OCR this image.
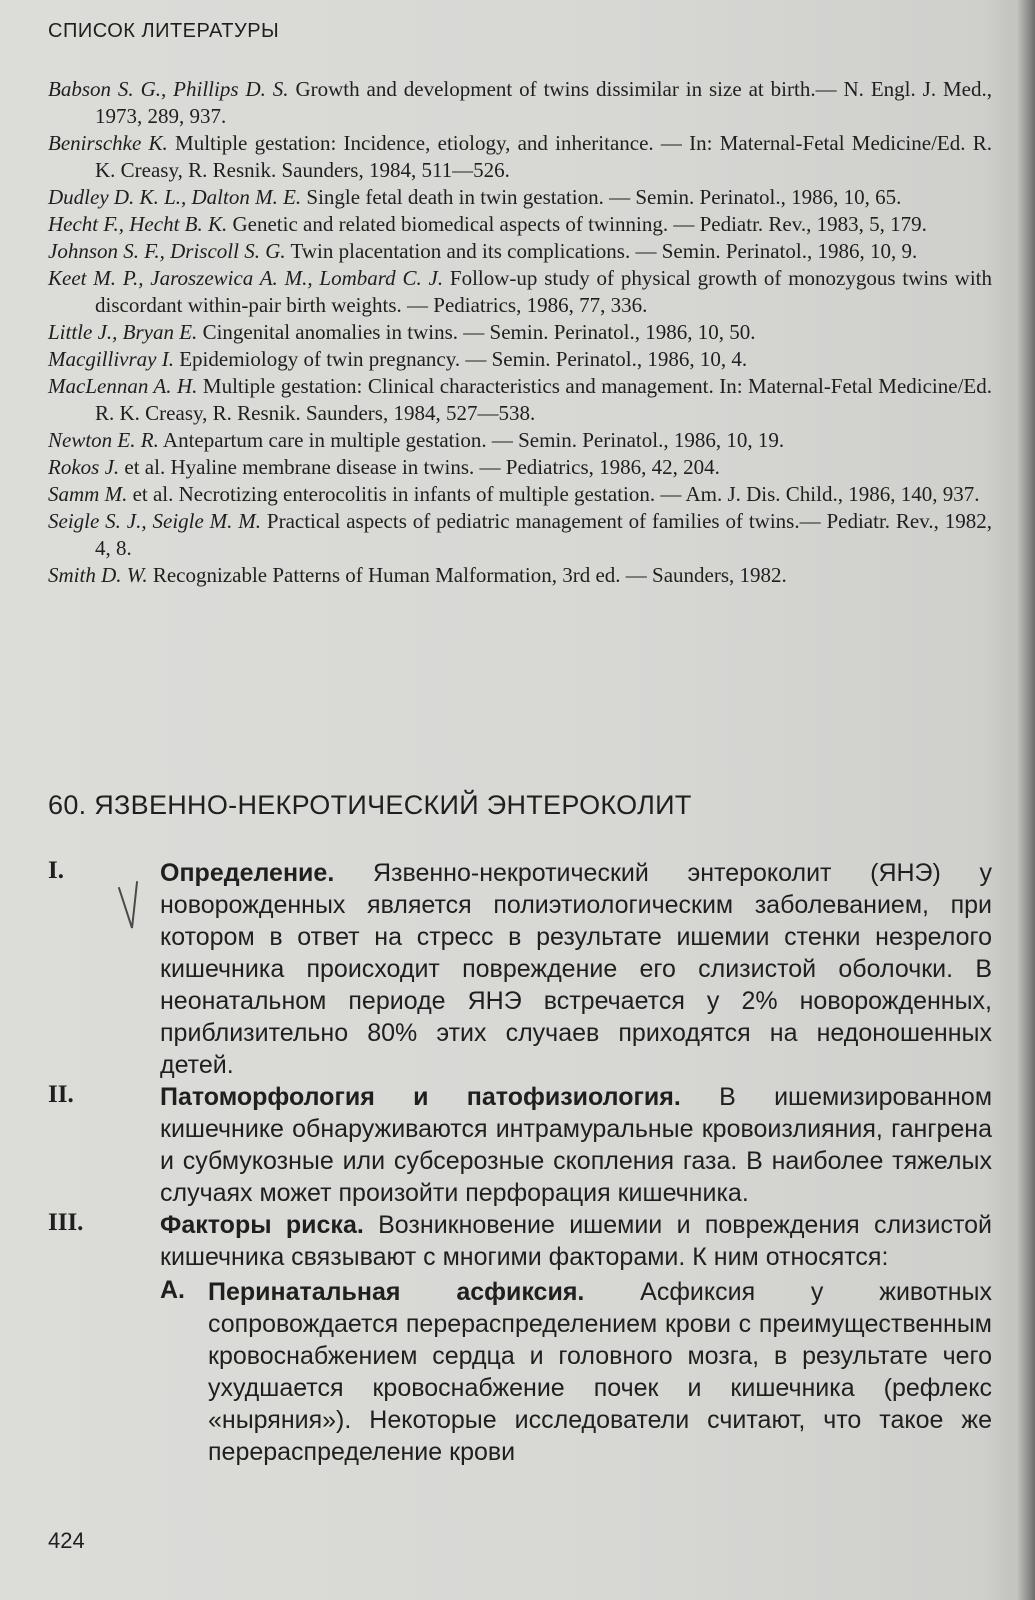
СПИСОК ЛИТЕРАТУРЫ
Babson S. G., Phillips D. S. Growth and development of twins dissimilar in size at birth.— N. Engl. J. Med., 1973, 289, 937.
Benirschke K. Multiple gestation: Incidence, etiology, and inheritance. — In: Maternal-Fetal Medicine/Ed. R. K. Creasy, R. Resnik. Saunders, 1984, 511—526.
Dudley D. K. L., Dalton M. E. Single fetal death in twin gestation. — Semin. Perinatol., 1986, 10, 65.
Hecht F., Hecht B. K. Genetic and related biomedical aspects of twinning. — Pediatr. Rev., 1983, 5, 179.
Johnson S. F., Driscoll S. G. Twin placentation and its complications. — Semin. Perinatol., 1986, 10, 9.
Keet M. P., Jaroszewica A. M., Lombard C. J. Follow-up study of physical growth of monozygous twins with discordant within-pair birth weights. — Pediatrics, 1986, 77, 336.
Little J., Bryan E. Cingenital anomalies in twins. — Semin. Perinatol., 1986, 10, 50.
Macgillivray I. Epidemiology of twin pregnancy. — Semin. Perinatol., 1986, 10, 4.
MacLennan A. H. Multiple gestation: Clinical characteristics and management. In: Maternal-Fetal Medicine/Ed. R. K. Creasy, R. Resnik. Saunders, 1984, 527—538.
Newton E. R. Antepartum care in multiple gestation. — Semin. Perinatol., 1986, 10, 19.
Rokos J. et al. Hyaline membrane disease in twins. — Pediatrics, 1986, 42, 204.
Samm M. et al. Necrotizing enterocolitis in infants of multiple gestation. — Am. J. Dis. Child., 1986, 140, 937.
Seigle S. J., Seigle M. M. Practical aspects of pediatric management of families of twins.— Pediatr. Rev., 1982, 4, 8.
Smith D. W. Recognizable Patterns of Human Malformation, 3rd ed. — Saunders, 1982.
60. ЯЗВЕННО-НЕКРОТИЧЕСКИЙ ЭНТЕРОКОЛИТ
I.	Определение. Язвенно-некротический энтероколит (ЯНЭ) у новорожденных является полиэтиологическим заболеванием, при котором в ответ на стресс в результате ишемии стенки незрелого кишечника происходит повреждение его слизистой оболочки. В неонатальном периоде ЯНЭ встречается у 2% новорожденных, приблизительно 80% этих случаев приходятся на недоношенных детей.
II.	Патоморфология и патофизиология. В ишемизированном кишечнике обнаруживаются интрамуральные кровоизлияния, гангрена и субмукозные или субсерозные скопления газа. В наиболее тяжелых случаях может произойти перфорация кишечника.
III.	Факторы риска. Возникновение ишемии и повреждения слизистой кишечника связывают с многими факторами. К ним относятся:
А. Перинатальная асфиксия. Асфиксия у животных сопровождается перераспределением крови с преимущественным кровоснабжением сердца и головного мозга, в результате чего ухудшается кровоснабжение почек и кишечника (рефлекс «ныряния»). Некоторые исследователи считают, что такое же перераспределение крови
424
